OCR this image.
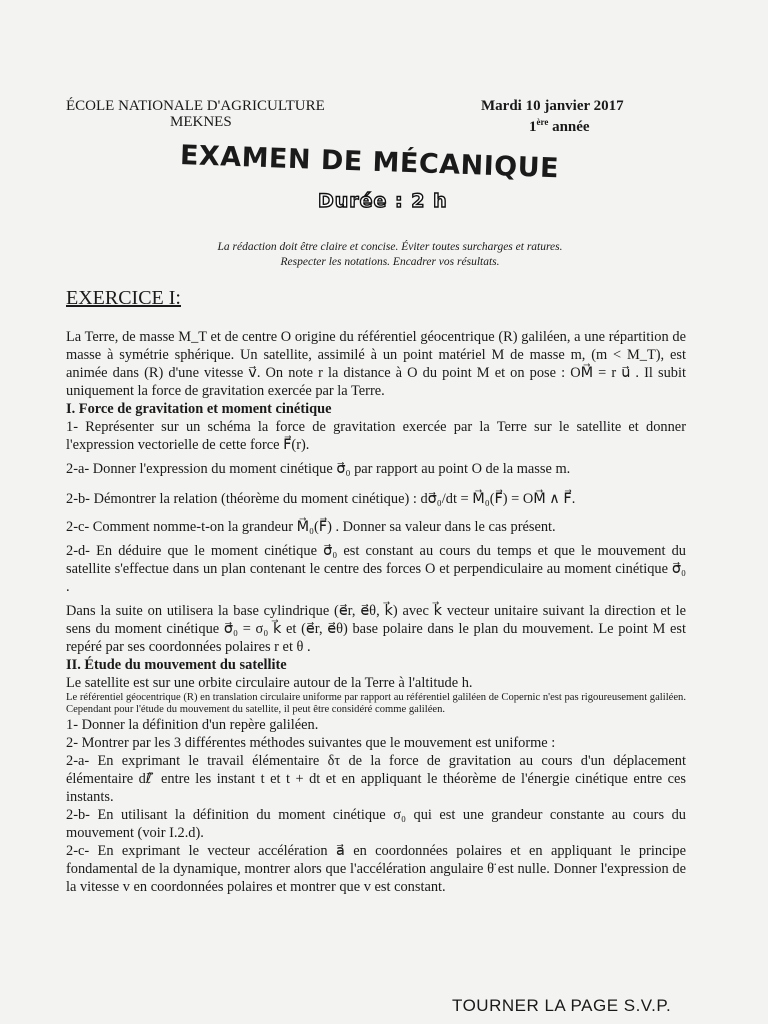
ÉCOLE NATIONALE D'AGRICULTURE
MEKNES
Mardi 10 janvier 2017
1ère année
EXAMEN DE MÉCANIQUE
Durée : 2 h
La rédaction doit être claire et concise. Éviter toutes surcharges et ratures.
Respecter les notations. Encadrer vos résultats.
EXERCICE I:

La Terre, de masse M_T et de centre O origine du référentiel géocentrique (R) galiléen, a une répartition de masse à symétrie sphérique. Un satellite, assimilé à un point matériel M de masse m, (m < M_T), est animée dans (R) d'une vitesse v⃗. On note r la distance à O du point M et on pose : OM⃗ = r u⃗ . Il subit uniquement la force de gravitation exercée par la Terre.

I. Force de gravitation et moment cinétique

1- Représenter sur un schéma la force de gravitation exercée par la Terre sur le satellite et donner l'expression vectorielle de cette force F⃗(r).

2-a- Donner l'expression du moment cinétique σ⃗₀ par rapport au point O de la masse m.

2-b- Démontrer la relation (théorème du moment cinétique) : dσ⃗₀/dt = M⃗₀(F⃗) = OM⃗ ∧ F⃗.

2-c- Comment nomme-t-on la grandeur M⃗₀(F⃗) . Donner sa valeur dans le cas présent.

2-d- En déduire que le moment cinétique σ⃗₀ est constant au cours du temps et que le mouvement du satellite s'effectue dans un plan contenant le centre des forces O et perpendiculaire au moment cinétique σ⃗₀ .

Dans la suite on utilisera la base cylindrique (e⃗r, e⃗θ, k⃗) avec k⃗ vecteur unitaire suivant la direction et le sens du moment cinétique σ⃗₀ = σ₀ k⃗ et (e⃗r, e⃗θ) base polaire dans le plan du mouvement. Le point M est repéré par ses coordonnées polaires r et θ .

II. Étude du mouvement du satellite

Le satellite est sur une orbite circulaire autour de la Terre à l'altitude h.

Le référentiel géocentrique (R) en translation circulaire uniforme par rapport au référentiel galiléen de Copernic n'est pas rigoureusement galiléen. Cependant pour l'étude du mouvement du satellite, il peut être considéré comme galiléen.

1- Donner la définition d'un repère galiléen.

2- Montrer par les 3 différentes méthodes suivantes que le mouvement est uniforme :

2-a- En exprimant le travail élémentaire δτ de la force de gravitation au cours d'un déplacement élémentaire dℓ⃗ entre les instant t et t + dt et en appliquant le théorème de l'énergie cinétique entre ces instants.

2-b- En utilisant la définition du moment cinétique σ₀ qui est une grandeur constante au cours du mouvement (voir I.2.d).

2-c- En exprimant le vecteur accélération a⃗ en coordonnées polaires et en appliquant le principe fondamental de la dynamique, montrer alors que l'accélération angulaire θ̈ est nulle. Donner l'expression de la vitesse v en coordonnées polaires et montrer que v est constant.

TOURNER LA PAGE S.V.P.
